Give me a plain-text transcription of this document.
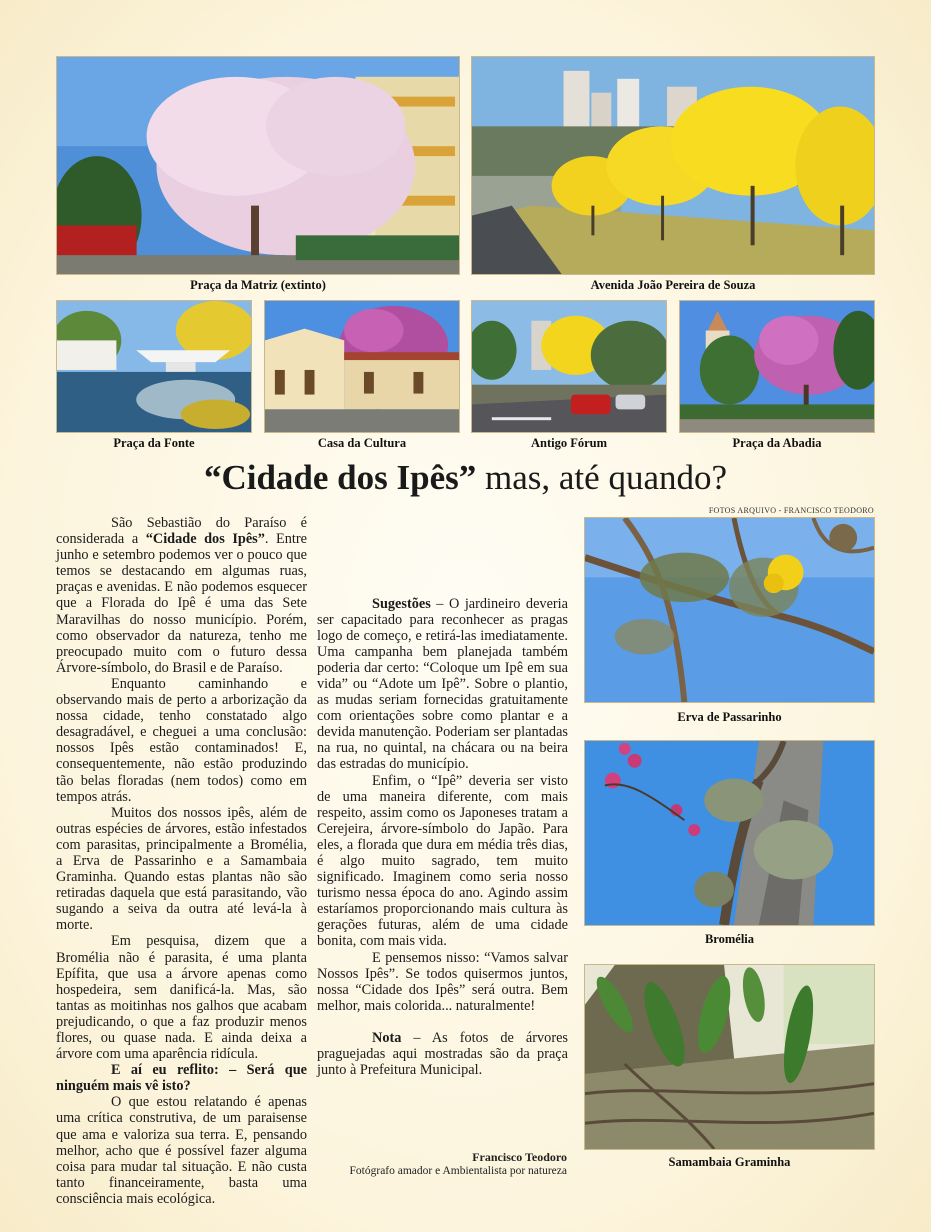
Praça da Matriz (extinto)	Avenida João Pereira de Souza
Praça da Fonte	Casa da Cultura	Antigo Fórum	Praça da Abadia
“Cidade dos Ipês” mas, até quando?
FOTOS ARQUIVO - FRANCISCO TEODORO

São Sebastião do Paraíso é considerada a “Cidade dos Ipês”. Entre junho e setembro podemos ver o pouco que temos se destacando em algumas ruas, praças e avenidas. E não podemos esquecer que a Florada do Ipê é uma das Sete Maravilhas do nosso município. Porém, como observador da natureza, tenho me preocupado muito com o futuro dessa Árvore-símbolo, do Brasil e de Paraíso.

Enquanto caminhando e observando mais de perto a arborização da nossa cidade, tenho constatado algo desagradável, e cheguei a uma conclusão: nossos Ipês estão contaminados! E, consequentemente, não estão produzindo tão belas floradas (nem todos) como em tempos atrás.

Muitos dos nossos ipês, além de outras espécies de árvores, estão infestados com parasitas, principalmente a Bromélia, a Erva de Passarinho e a Samambaia Graminha. Quando estas plantas não são retiradas daquela que está parasitando, vão sugando a seiva da outra até levá-la à morte.

Em pesquisa, dizem que a Bromélia não é parasita, é uma planta Epífita, que usa a árvore apenas como hospedeira, sem danificá-la. Mas, são tantas as moitinhas nos galhos que acabam prejudicando, o que a faz produzir menos flores, ou quase nada. E ainda deixa a árvore com uma aparência ridícula.

E aí eu reflito: – Será que ninguém mais vê isto?

O que estou relatando é apenas uma crítica construtiva, de um paraisense que ama e valoriza sua terra. E, pensando melhor, acho que é possível fazer alguma coisa para mudar tal situação. E não custa tanto financeiramente, basta uma consciência mais ecológica.

Sugestões – O jardineiro deveria ser capacitado para reconhecer as pragas logo de começo, e retirá-las imediatamente. Uma campanha bem planejada também poderia dar certo: “Coloque um Ipê em sua vida” ou “Adote um Ipê”. Sobre o plantio, as mudas seriam fornecidas gratuitamente com orientações sobre como plantar e a devida manutenção. Poderiam ser plantadas na rua, no quintal, na chácara ou na beira das estradas do município.

Enfim, o “Ipê” deveria ser visto de uma maneira diferente, com mais respeito, assim como os Japoneses tratam a Cerejeira, árvore-símbolo do Japão. Para eles, a florada que dura em média três dias, é algo muito sagrado, tem muito significado. Imaginem como seria nosso turismo nessa época do ano. Agindo assim estaríamos proporcionando mais cultura às gerações futuras, além de uma cidade bonita, com mais vida.

E pensemos nisso: “Vamos salvar Nossos Ipês”. Se todos quisermos juntos, nossa “Cidade dos Ipês” será outra. Bem melhor, mais colorida... naturalmente!

Nota – As fotos de árvores praguejadas aqui mostradas são da praça junto à Prefeitura Municipal.

Francisco Teodoro
Fotógrafo amador e Ambientalista por natureza
Erva de Passarinho
Bromélia
Samambaia Graminha
